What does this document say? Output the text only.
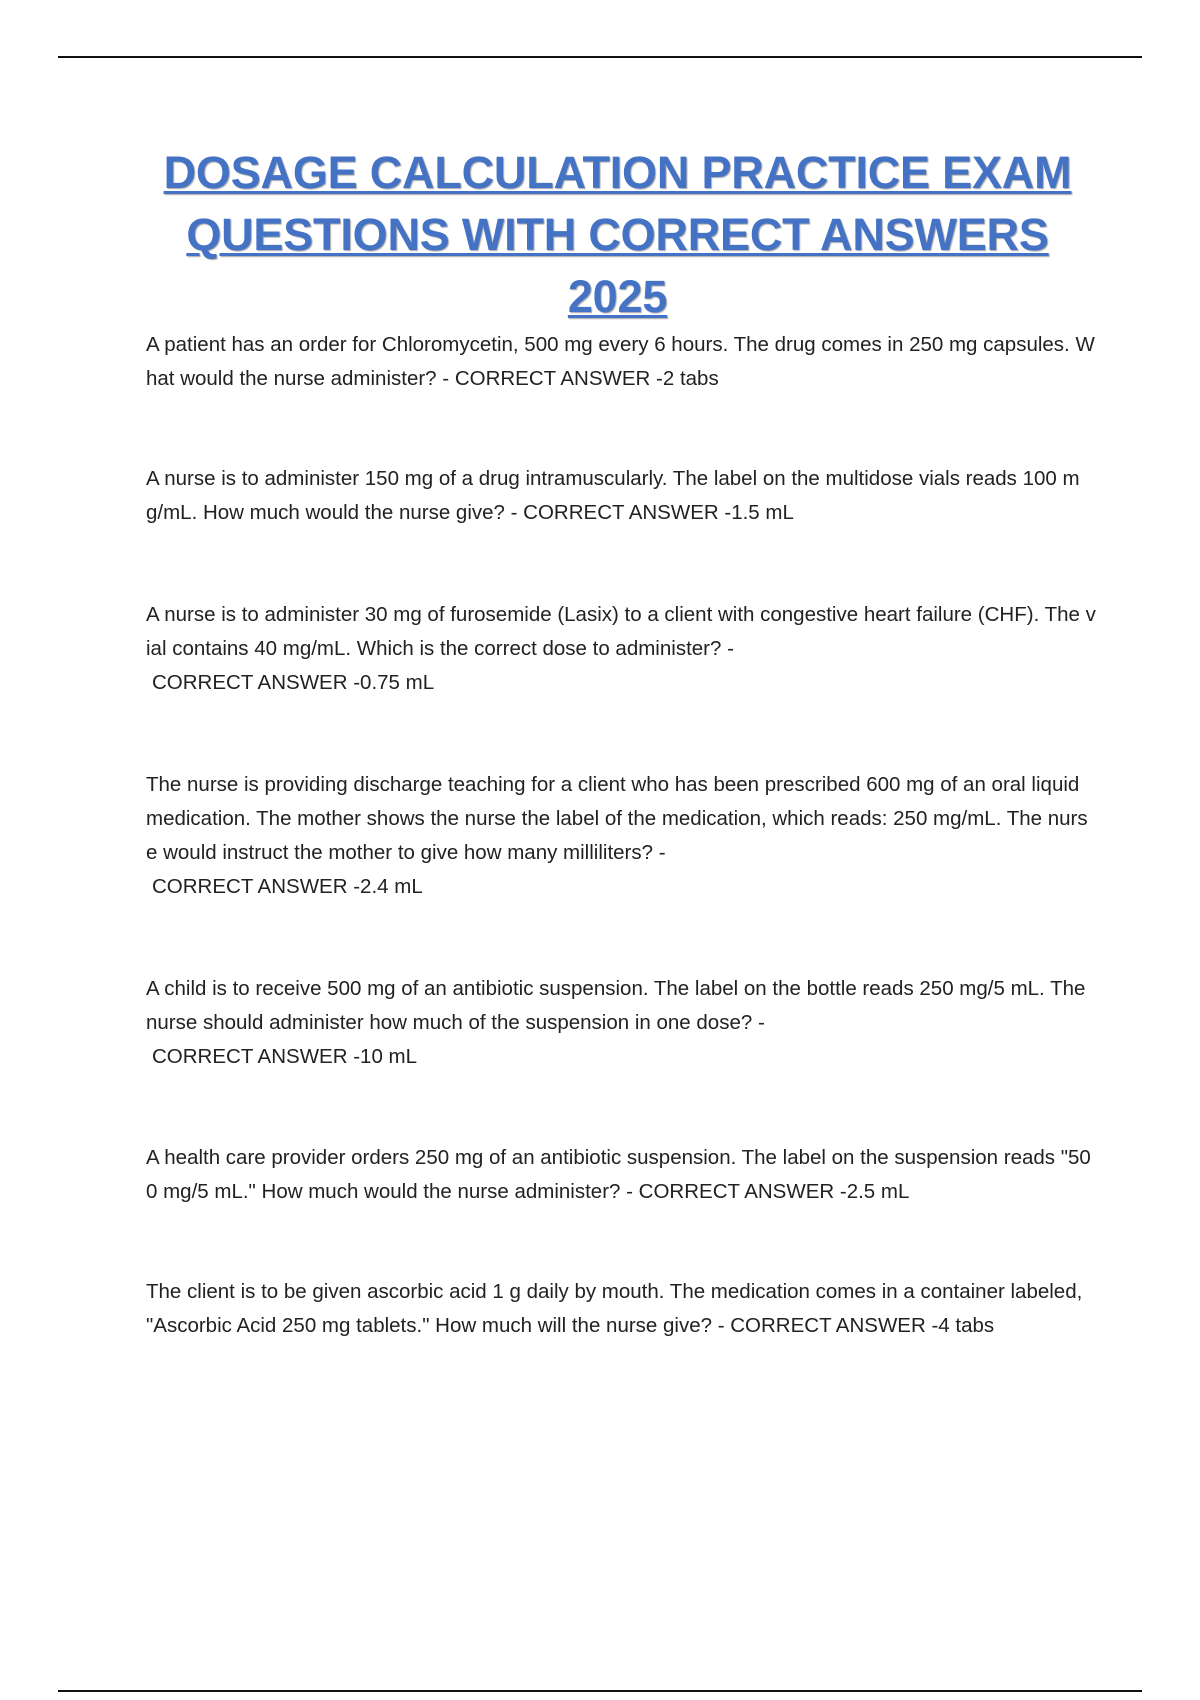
DOSAGE CALCULATION PRACTICE EXAM QUESTIONS WITH CORRECT ANSWERS 2025
A patient has an order for Chloromycetin, 500 mg every 6 hours. The drug comes in 250 mg capsules. What would the nurse administer? - CORRECT ANSWER -2 tabs
A nurse is to administer 150 mg of a drug intramuscularly. The label on the multidose vials reads 100 mg/mL. How much would the nurse give? - CORRECT ANSWER -1.5 mL
A nurse is to administer 30 mg of furosemide (Lasix) to a client with congestive heart failure (CHF). The vial contains 40 mg/mL. Which is the correct dose to administer? -
CORRECT ANSWER -0.75 mL
The nurse is providing discharge teaching for a client who has been prescribed 600 mg of an oral liquid medication. The mother shows the nurse the label of the medication, which reads: 250 mg/mL. The nurse would instruct the mother to give how many milliliters? -
CORRECT ANSWER -2.4 mL
A child is to receive 500 mg of an antibiotic suspension. The label on the bottle reads 250 mg/5 mL. The nurse should administer how much of the suspension in one dose? -
CORRECT ANSWER -10 mL
A health care provider orders 250 mg of an antibiotic suspension. The label on the suspension reads "500 mg/5 mL." How much would the nurse administer? - CORRECT ANSWER -2.5 mL
The client is to be given ascorbic acid 1 g daily by mouth. The medication comes in a container labeled, "Ascorbic Acid 250 mg tablets." How much will the nurse give? - CORRECT ANSWER -4 tabs
